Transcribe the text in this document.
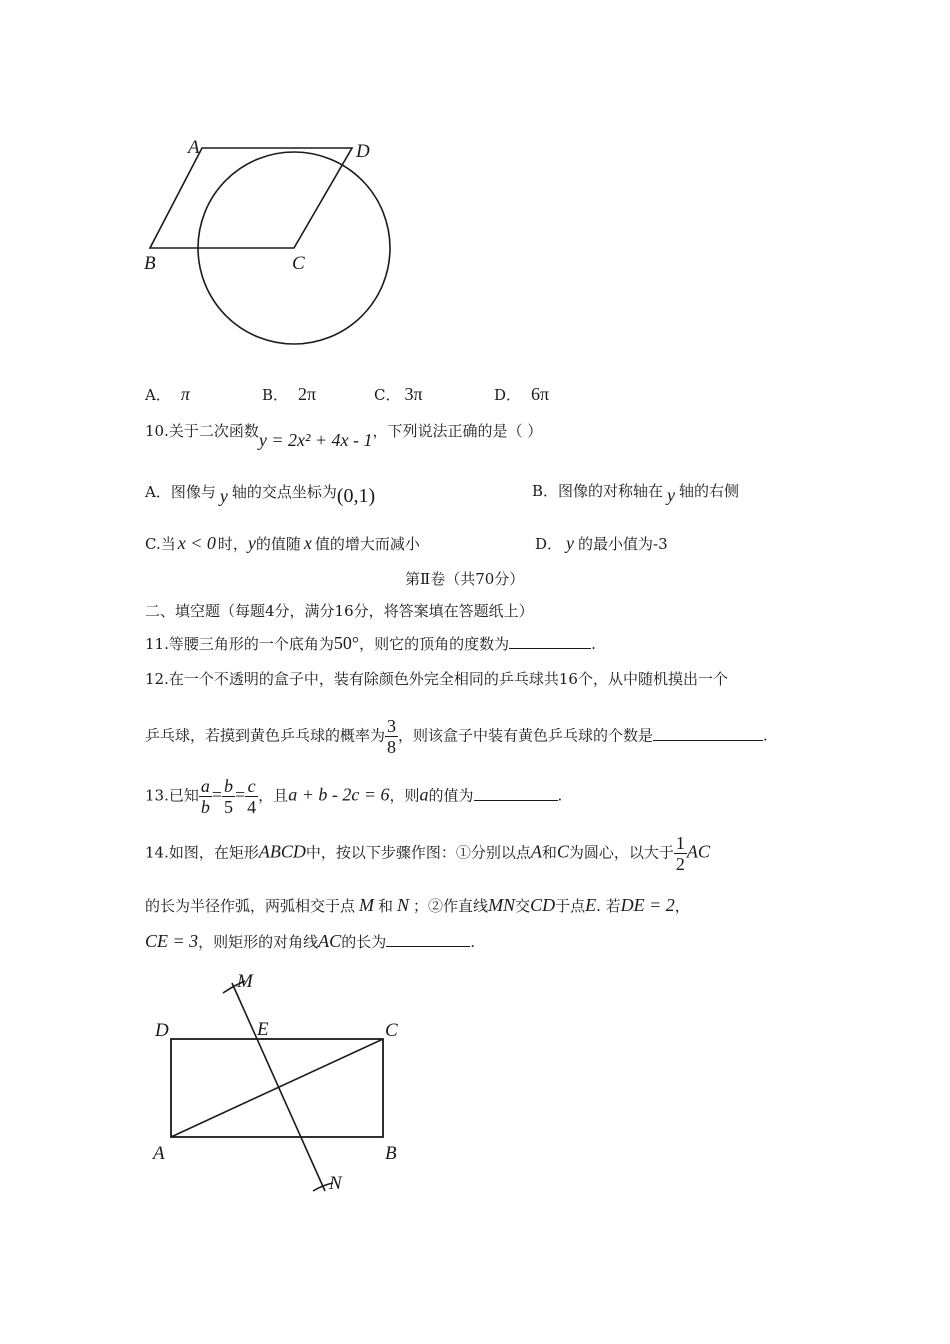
A	D
B	C
A． π	B． 2π	C． 3π	D． 6π
10.关于二次函数y = 2x² + 4x - 1，下列说法正确的是（ ）
A．图像与 y 轴的交点坐标为(0,1)	B．图像的对称轴在 y 轴的右侧
C.当 x < 0 时，y的值随 x 值的增大而减小	D． y 的最小值为-3
第Ⅱ卷（共70分）
二、填空题（每题4分，满分16分，将答案填在答题纸上）
11.等腰三角形的一个底角为50°，则它的顶角的度数为	.
12.在一个不透明的盒子中，装有除颜色外完全相同的乒乓球共16个，从中随机摸出一个
乒乓球，若摸到黄色乒乓球的概率为 $\frac{3}{8}$ ，则该盒子中装有黄色乒乓球的个数是	.
13.已知 $\frac{a}{b} = \frac{b}{5} = \frac{c}{4}$ ，且a + b - 2c = 6，则a的值为	.
14.如图，在矩形ABCD中，按以下步骤作图：①分别以点A和C为圆心，以大于 $\frac{1}{2}$ AC
的长为半径作弧，两弧相交于点 M 和 N ；②作直线MN交CD于点E. 若DE = 2，
CE = 3，则矩形的对角线AC的长为	.
M
D	E	C
A	B
N
